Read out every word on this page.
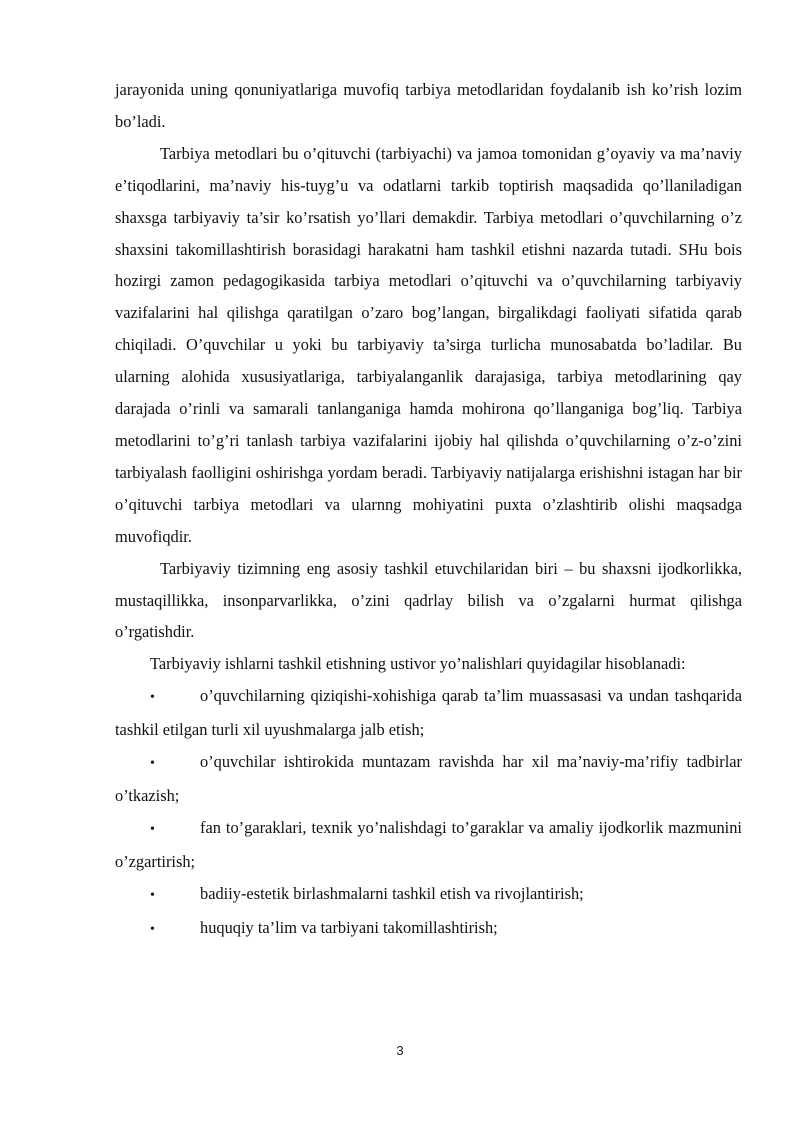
jarayonida uning qonuniyatlariga muvofiq tarbiya metodlaridan foydalanib ish ko’rish lozim bo’ladi.

Tarbiya metodlari bu o’qituvchi (tarbiyachi) va jamoa tomonidan g’oyaviy va ma’naviy e’tiqodlarini, ma’naviy his-tuyg’u va odatlarni tarkib toptirish maqsadida qo’llaniladigan shaxsga tarbiyaviy ta’sir ko’rsatish yo’llari demakdir. Tarbiya metodlari o’quvchilarning o’z shaxsini takomillashtirish borasidagi harakatni ham tashkil etishni nazarda tutadi. SHu bois hozirgi zamon pedagogikasida tarbiya metodlari o’qituvchi va o’quvchilarning tarbiyaviy vazifalarini hal qilishga qaratilgan o’zaro bog’langan, birgalikdagi faoliyati sifatida qarab chiqiladi. O’quvchilar u yoki bu tarbiyaviy ta’sirga turlicha munosabatda bo’ladilar. Bu ularning alohida xususiyatlariga, tarbiyalanganlik darajasiga, tarbiya metodlarining qay darajada o’rinli va samarali tanlanganiga hamda mohirona qo’llanganiga bog’liq. Tarbiya metodlarini to’g’ri tanlash tarbiya vazifalarini ijobiy hal qilishda o’quvchilarning o’z-o’zini tarbiyalash faolligini oshirishga yordam beradi. Tarbiyaviy natijalarga erishishni istagan har bir o’qituvchi tarbiya metodlari va ularnng mohiyatini puxta o’zlashtirib olishi maqsadga muvofiqdir.

Tarbiyaviy tizimning eng asosiy tashkil etuvchilaridan biri – bu shaxsni ijodkorlikka, mustaqillikka, insonparvarlikka, o’zini qadrlay bilish va o’zgalarni hurmat qilishga o’rgatishdir.

Tarbiyaviy ishlarni tashkil etishning ustivor yo’nalishlari quyidagilar hisoblanadi:

•	o’quvchilarning qiziqishi-xohishiga qarab ta’lim muassasasi va undan tashqarida tashkil etilgan turli xil uyushmalarga jalb etish;

•	o’quvchilar ishtirokida muntazam ravishda har xil ma’naviy-ma’rifiy tadbirlar o’tkazish;

•	fan to’garaklari, texnik yo’nalishdagi to’garaklar va amaliy ijodkorlik mazmunini o’zgartirish;

•	badiiy-estetik birlashmalarni tashkil etish va rivojlantirish;

•	huquqiy ta’lim va tarbiyani takomillashtirish;

3
